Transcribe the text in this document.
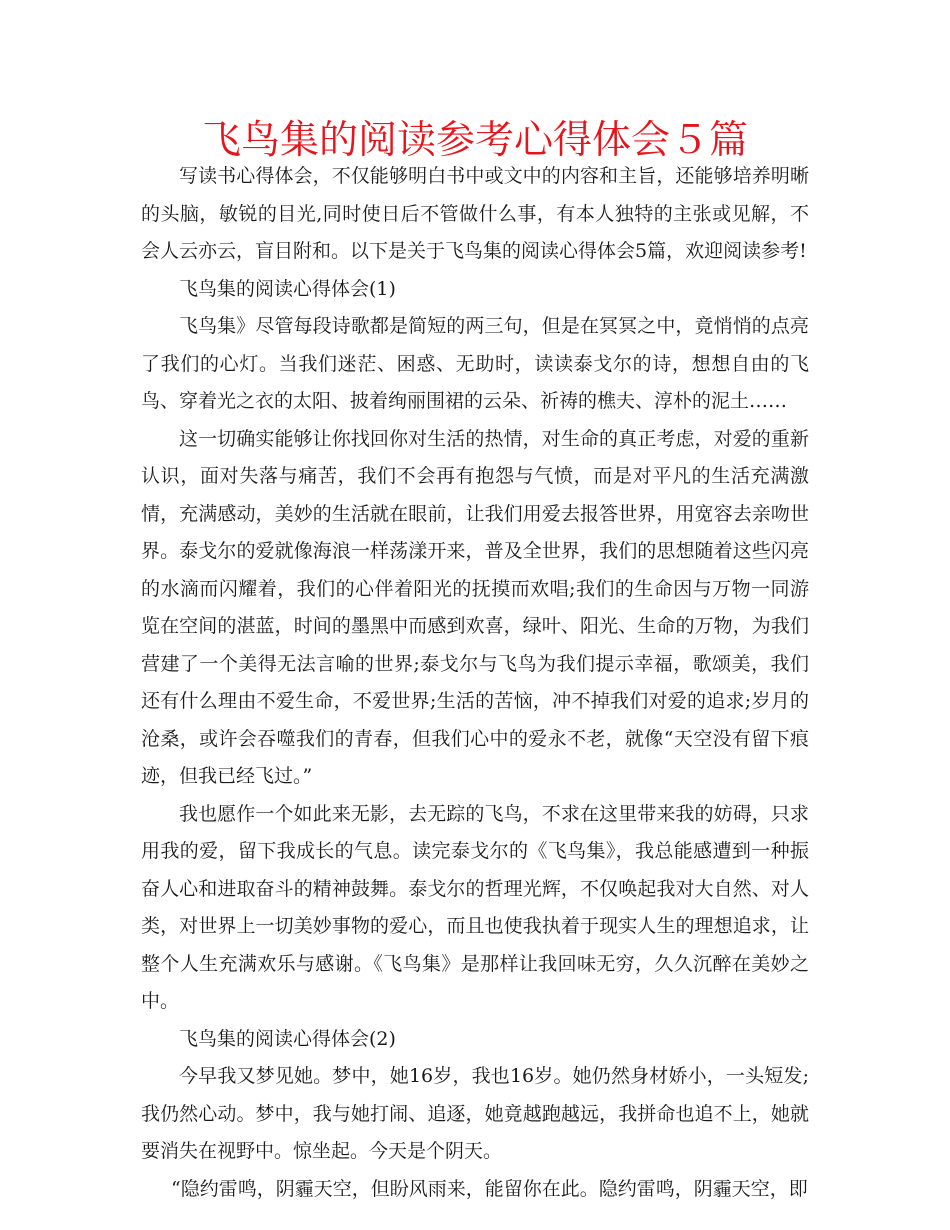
飞鸟集的阅读参考心得体会５篇

写读书心得体会，不仅能够明白书中或文中的内容和主旨，还能够培养明晰的头脑，敏锐的目光,同时使日后不管做什么事，有本人独特的主张或见解，不会人云亦云，盲目附和。以下是关于飞鸟集的阅读心得体会5篇，欢迎阅读参考!

飞鸟集的阅读心得体会(1)

飞鸟集》尽管每段诗歌都是简短的两三句，但是在冥冥之中，竟悄悄的点亮了我们的心灯。当我们迷茫、困惑、无助时，读读泰戈尔的诗，想想自由的飞鸟、穿着光之衣的太阳、披着绚丽围裙的云朵、祈祷的樵夫、淳朴的泥土……

这一切确实能够让你找回你对生活的热情，对生命的真正考虑，对爱的重新认识，面对失落与痛苦，我们不会再有抱怨与气愤，而是对平凡的生活充满激情，充满感动，美妙的生活就在眼前，让我们用爱去报答世界，用宽容去亲吻世界。泰戈尔的爱就像海浪一样荡漾开来，普及全世界，我们的思想随着这些闪亮的水滴而闪耀着，我们的心伴着阳光的抚摸而欢唱;我们的生命因与万物一同游览在空间的湛蓝，时间的墨黑中而感到欢喜，绿叶、阳光、生命的万物，为我们营建了一个美得无法言喻的世界;泰戈尔与飞鸟为我们提示幸福，歌颂美，我们还有什么理由不爱生命，不爱世界;生活的苦恼，冲不掉我们对爱的追求;岁月的沧桑，或许会吞噬我们的青春，但我们心中的爱永不老，就像“天空没有留下痕迹，但我已经飞过。”

我也愿作一个如此来无影，去无踪的飞鸟，不求在这里带来我的妨碍，只求用我的爱，留下我成长的气息。读完泰戈尔的《飞鸟集》，我总能感遭到一种振奋人心和进取奋斗的精神鼓舞。泰戈尔的哲理光辉，不仅唤起我对大自然、对人类，对世界上一切美妙事物的爱心，而且也使我执着于现实人生的理想追求，让整个人生充满欢乐与感谢。《飞鸟集》是那样让我回味无穷，久久沉醉在美妙之中。

飞鸟集的阅读心得体会(2)

今早我又梦见她。梦中，她16岁，我也16岁。她仍然身材娇小，一头短发;我仍然心动。梦中，我与她打闹、追逐，她竟越跑越远，我拼命也追不上，她就要消失在视野中。惊坐起。今天是个阴天。

“隐约雷鸣，阴霾天空，但盼风雨来，能留你在此。隐约雷鸣，阴霾天空，即
